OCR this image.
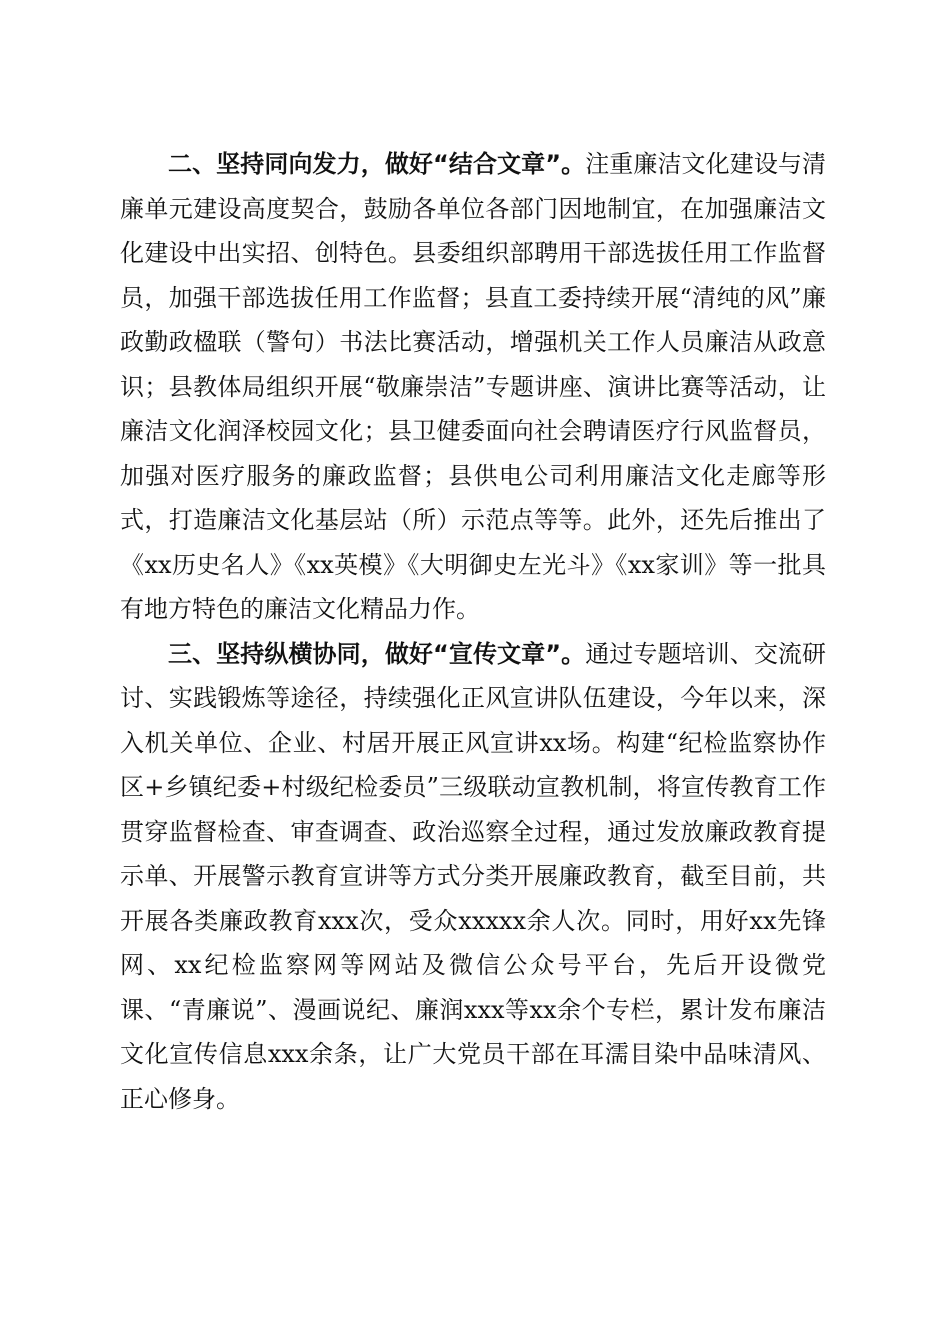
二、坚持同向发力，做好“结合文章”。注重廉洁文化建设与清廉单元建设高度契合，鼓励各单位各部门因地制宜，在加强廉洁文化建设中出实招、创特色。县委组织部聘用干部选拔任用工作监督员，加强干部选拔任用工作监督；县直工委持续开展“清纯的风”廉政勤政楹联（警句）书法比赛活动，增强机关工作人员廉洁从政意识；县教体局组织开展“敬廉崇洁”专题讲座、演讲比赛等活动，让廉洁文化润泽校园文化；县卫健委面向社会聘请医疗行风监督员，加强对医疗服务的廉政监督；县供电公司利用廉洁文化走廊等形式，打造廉洁文化基层站（所）示范点等等。此外，还先后推出了《xx历史名人》《xx英模》《大明御史左光斗》《xx家训》等一批具有地方特色的廉洁文化精品力作。

三、坚持纵横协同，做好“宣传文章”。通过专题培训、交流研讨、实践锻炼等途径，持续强化正风宣讲队伍建设，今年以来，深入机关单位、企业、村居开展正风宣讲xx场。构建“纪检监察协作区+乡镇纪委+村级纪检委员”三级联动宣教机制，将宣传教育工作贯穿监督检查、审查调查、政治巡察全过程，通过发放廉政教育提示单、开展警示教育宣讲等方式分类开展廉政教育，截至目前，共开展各类廉政教育xxx次，受众xxxxx余人次。同时，用好xx先锋网、xx纪检监察网等网站及微信公众号平台，先后开设微党课、“青廉说”、漫画说纪、廉润xxx等xx余个专栏，累计发布廉洁文化宣传信息xxx余条，让广大党员干部在耳濡目染中品味清风、正心修身。
